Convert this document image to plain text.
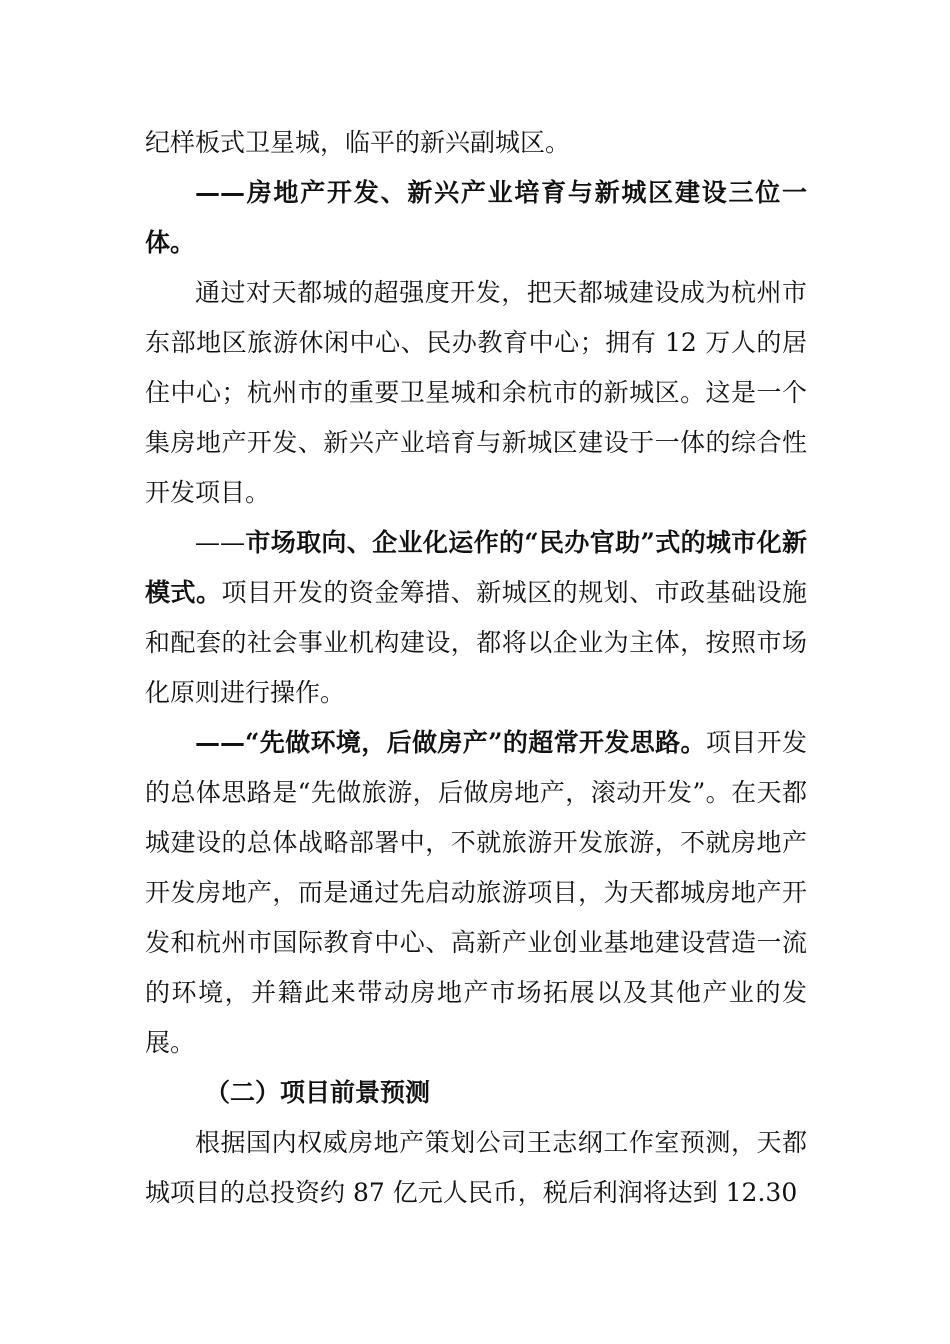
纪样板式卫星城，临平的新兴副城区。

——房地产开发、新兴产业培育与新城区建设三位一体。

通过对天都城的超强度开发，把天都城建设成为杭州市东部地区旅游休闲中心、民办教育中心；拥有 12 万人的居住中心；杭州市的重要卫星城和余杭市的新城区。这是一个集房地产开发、新兴产业培育与新城区建设于一体的综合性开发项目。

——市场取向、企业化运作的“民办官助”式的城市化新模式。项目开发的资金筹措、新城区的规划、市政基础设施和配套的社会事业机构建设，都将以企业为主体，按照市场化原则进行操作。

——“先做环境，后做房产”的超常开发思路。项目开发的总体思路是“先做旅游，后做房地产，滚动开发”。在天都城建设的总体战略部署中，不就旅游开发旅游，不就房地产开发房地产，而是通过先启动旅游项目，为天都城房地产开发和杭州市国际教育中心、高新产业创业基地建设营造一流的环境，并籍此来带动房地产市场拓展以及其他产业的发展。

（二）项目前景预测

根据国内权威房地产策划公司王志纲工作室预测，天都城项目的总投资约 87 亿元人民币，税后利润将达到 12.30
